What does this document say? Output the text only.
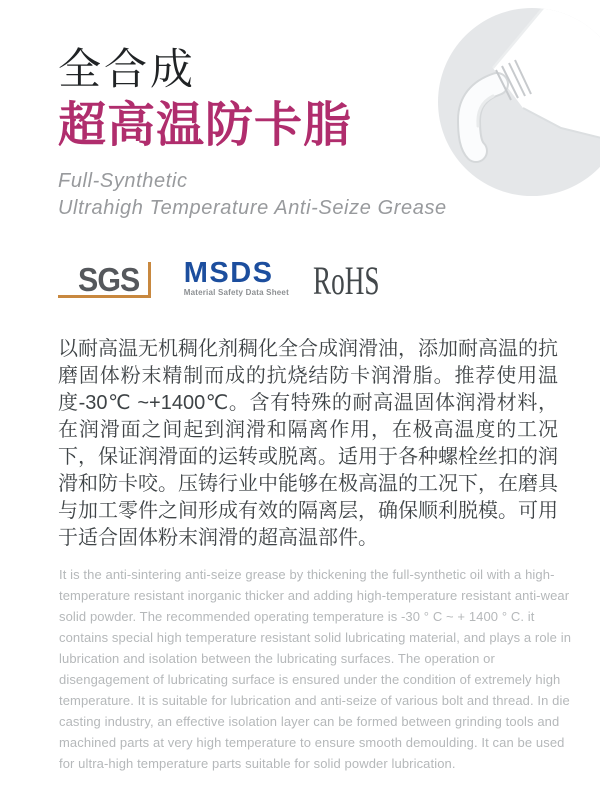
全合成
超高温防卡脂
Full-Synthetic
Ultrahigh Temperature Anti-Seize Grease
SGS MSDS
Material Safety Data Sheet RoHS

以耐高温无机稠化剂稠化全合成润滑油，添加耐高温的抗磨固体粉末精制而成的抗烧结防卡润滑脂。推荐使用温度-30℃ ~+1400℃。含有特殊的耐高温固体润滑材料，在润滑面之间起到润滑和隔离作用，在极高温度的工况下，保证润滑面的运转或脱离。适用于各种螺栓丝扣的润滑和防卡咬。压铸行业中能够在极高温的工况下，在磨具与加工零件之间形成有效的隔离层，确保顺利脱模。可用于适合固体粉末润滑的超高温部件。

It is the anti-sintering anti-seize grease by thickening the full-synthetic oil with a high-temperature resistant inorganic thicker and adding high-temperature resistant anti-wear solid powder. The recommended operating temperature is -30 ° C ~ + 1400 ° C. it contains special high temperature resistant solid lubricating material, and plays a role in lubrication and isolation between the lubricating surfaces. The operation or disengagement of lubricating surface is ensured under the condition of extremely high temperature. It is suitable for lubrication and anti-seize of various bolt and thread. In die casting industry, an effective isolation layer can be formed between grinding tools and machined parts at very high temperature to ensure smooth demoulding. It can be used for ultra-high temperature parts suitable for solid powder lubrication.
